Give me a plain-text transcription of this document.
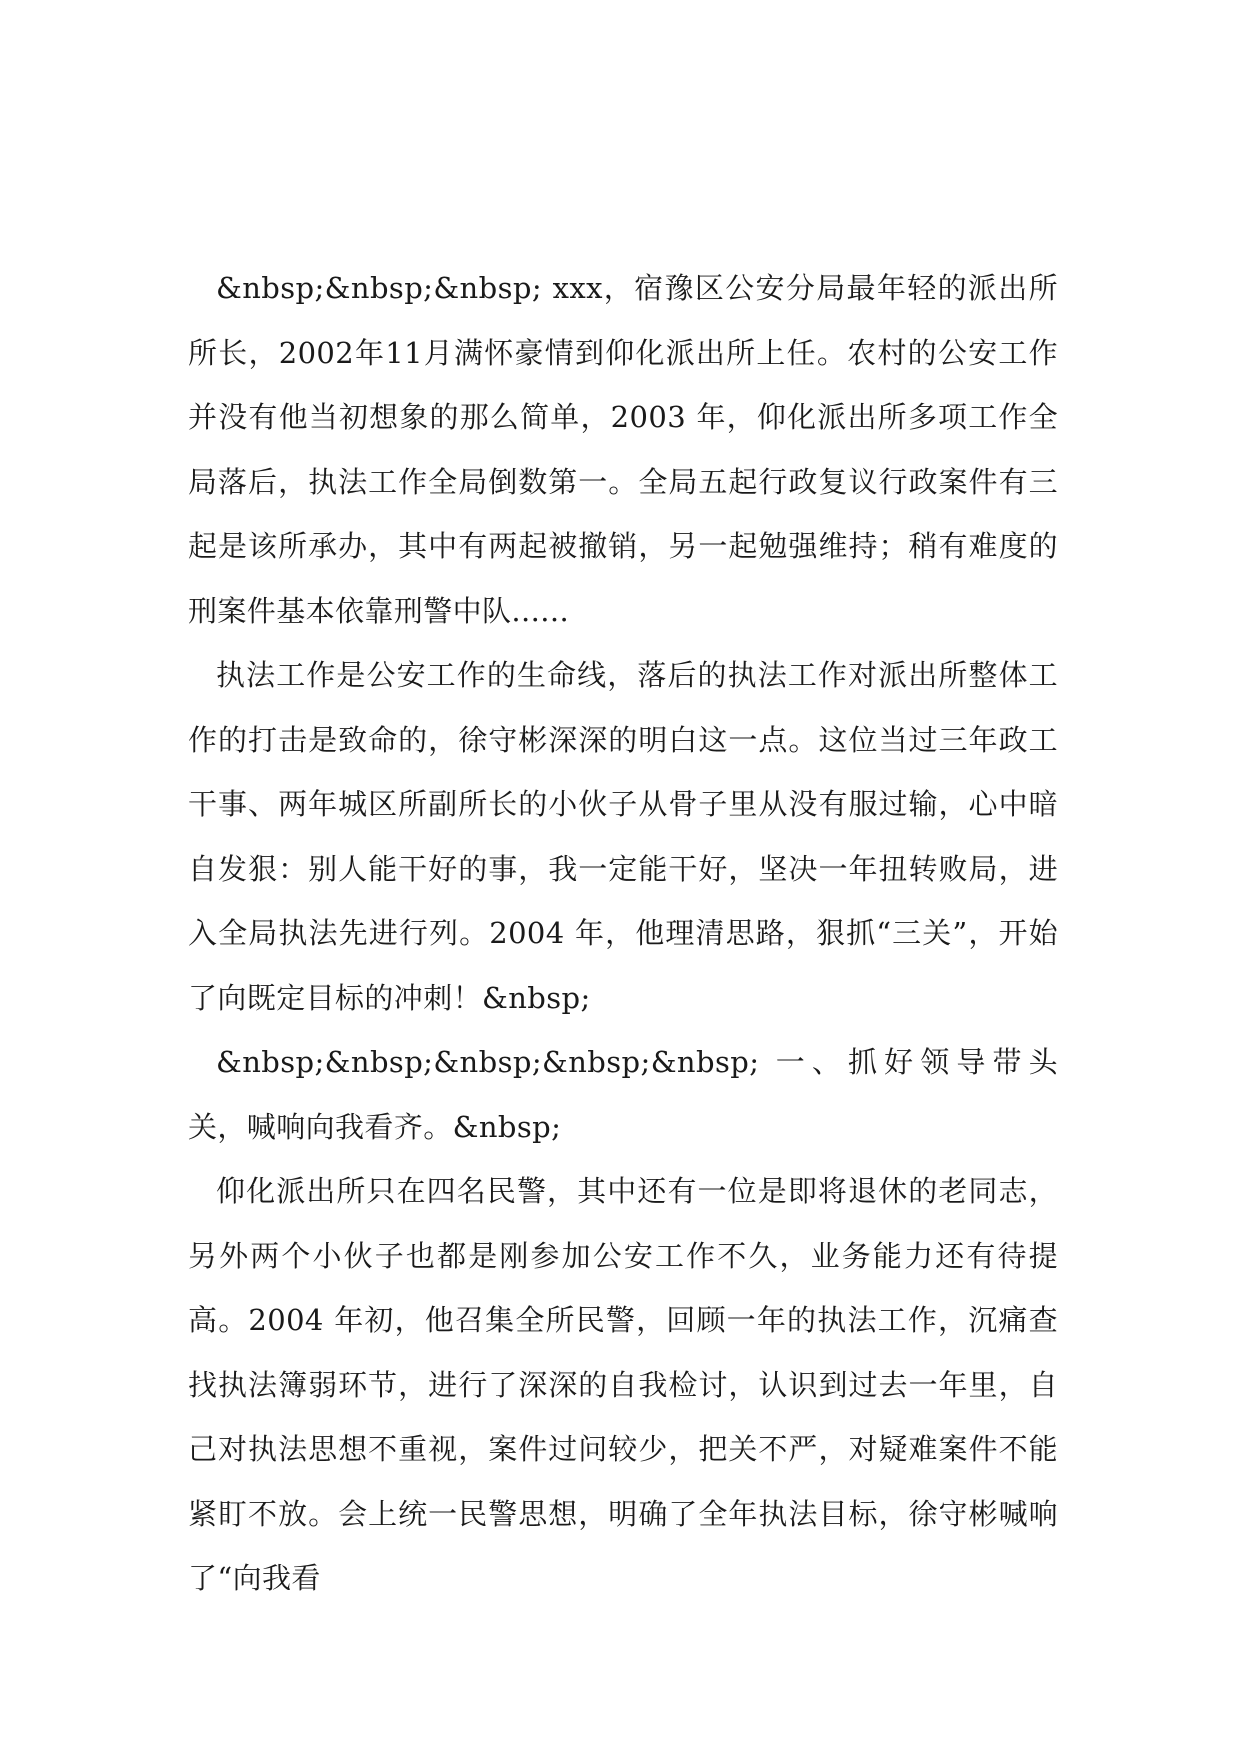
&nbsp;&nbsp;&nbsp; xxx，宿豫区公安分局最年轻的派出所所长，2002年11月满怀豪情到仰化派出所上任。农村的公安工作并没有他当初想象的那么简单，2003 年，仰化派出所多项工作全局落后，执法工作全局倒数第一。全局五起行政复议行政案件有三起是该所承办，其中有两起被撤销，另一起勉强维持；稍有难度的刑案件基本依靠刑警中队......

执法工作是公安工作的生命线，落后的执法工作对派出所整体工作的打击是致命的，徐守彬深深的明白这一点。这位当过三年政工干事、两年城区所副所长的小伙子从骨子里从没有服过输，心中暗自发狠：别人能干好的事，我一定能干好，坚决一年扭转败局，进入全局执法先进行列。2004 年，他理清思路，狠抓“三关”，开始了向既定目标的冲刺！&nbsp;

&nbsp;&nbsp;&nbsp;&nbsp;&nbsp; 一、抓好领导带头关，喊响向我看齐。&nbsp;

仰化派出所只在四名民警，其中还有一位是即将退休的老同志，另外两个小伙子也都是刚参加公安工作不久，业务能力还有待提高。2004 年初，他召集全所民警，回顾一年的执法工作，沉痛查找执法簿弱环节，进行了深深的自我检讨，认识到过去一年里，自己对执法思想不重视，案件过问较少，把关不严，对疑难案件不能紧盯不放。会上统一民警思想，明确了全年执法目标，徐守彬喊响了“向我看
